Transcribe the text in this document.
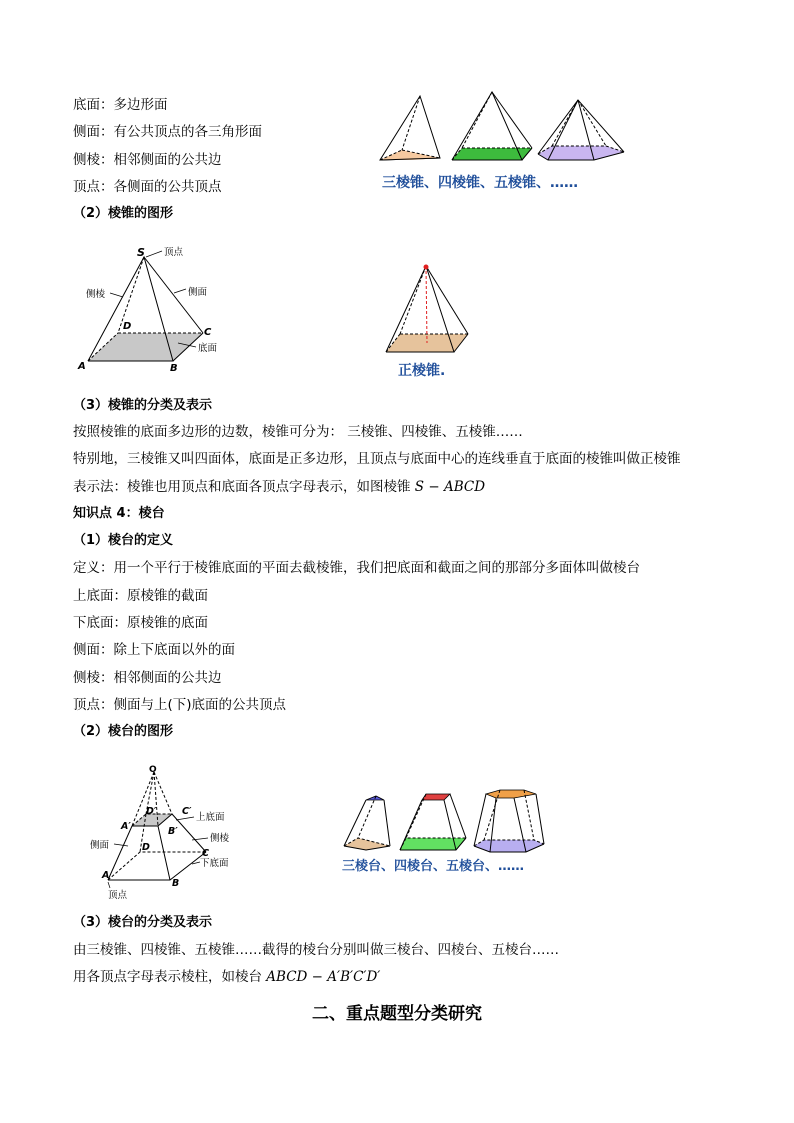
底面：多边形面
侧面：有公共顶点的各三角形面
侧棱：相邻侧面的公共边
顶点：各侧面的公共顶点
（2）棱锥的图形
三棱锥、四棱锥、五棱锥、……
S 顶点
侧棱	侧面
底面
D
C
A	B	正棱锥.
（3）棱锥的分类及表示
按照棱锥的底面多边形的边数，棱锥可分为： 三棱锥、四棱锥、五棱锥……
特别地，三棱锥又叫四面体，底面是正多边形，且顶点与底面中心的连线垂直于底面的棱锥叫做正棱锥
表示法：棱锥也用顶点和底面各顶点字母表示，如图棱锥 S − ABCD
知识点 4：棱台
（1）棱台的定义
定义：用一个平行于棱锥底面的平面去截棱锥，我们把底面和截面之间的那部分多面体叫做棱台
上底面：原棱锥的截面
下底面：原棱锥的底面
侧面：除上下底面以外的面
侧棱：相邻侧面的公共边
顶点：侧面与上(下)底面的公共顶点
（2）棱台的图形
O
C′
上底面
D′
A′	B′
侧棱
侧面	D
C
下底面
A
B
顶点
三棱台、四棱台、五棱台、……
（3）棱台的分类及表示
由三棱锥、四棱锥、五棱锥……截得的棱台分别叫做三棱台、四棱台、五棱台……
用各顶点字母表示棱柱，如棱台 ABCD − A′B′C′D′
二、重点题型分类研究
